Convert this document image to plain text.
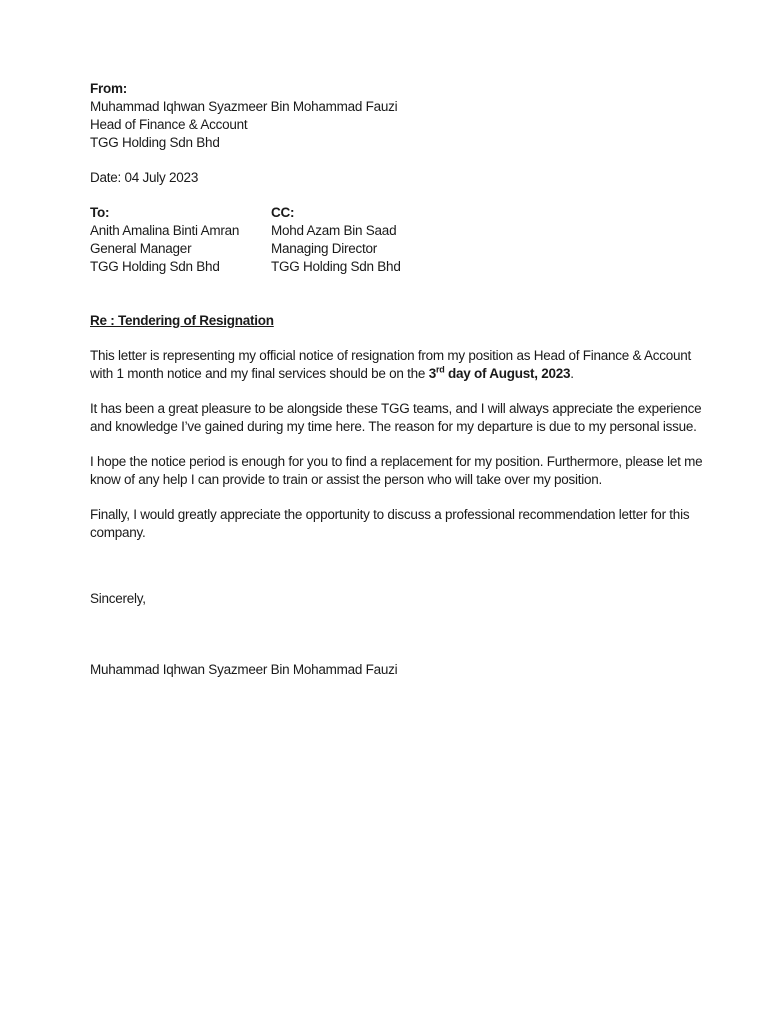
From:
Muhammad Iqhwan Syazmeer Bin Mohammad Fauzi
Head of Finance & Account
TGG Holding Sdn Bhd
Date: 04 July 2023
To:
Anith Amalina Binti Amran
General Manager
TGG Holding Sdn Bhd
CC:
Mohd Azam Bin Saad
Managing Director
TGG Holding Sdn Bhd
Re : Tendering of Resignation

This letter is representing my official notice of resignation from my position as Head of Finance & Account
with 1 month notice and my final services should be on the 3rd day of August, 2023.

It has been a great pleasure to be alongside these TGG teams, and I will always appreciate the experience
and knowledge I’ve gained during my time here. The reason for my departure is due to my personal issue.

I hope the notice period is enough for you to find a replacement for my position. Furthermore, please let me
know of any help I can provide to train or assist the person who will take over my position.

Finally, I would greatly appreciate the opportunity to discuss a professional recommendation letter for this
company.

Sincerely,
Muhammad Iqhwan Syazmeer Bin Mohammad Fauzi
